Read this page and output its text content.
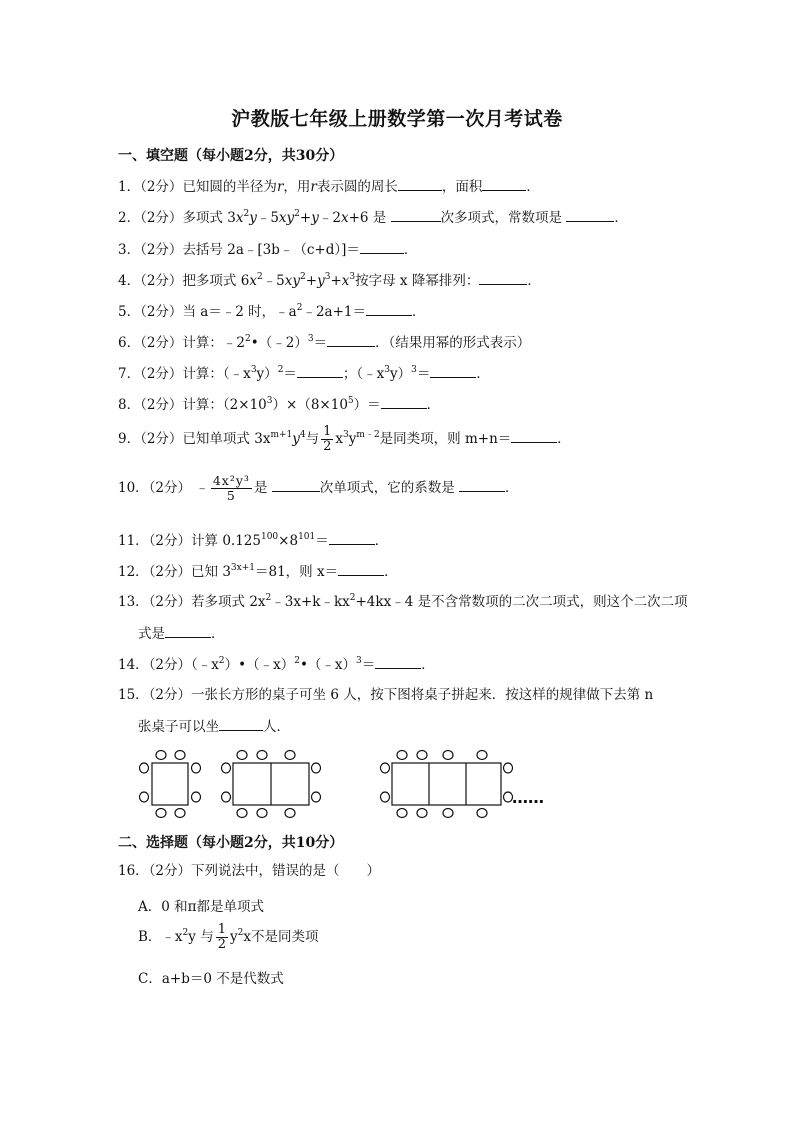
沪教版七年级上册数学第一次月考试卷
一、填空题（每小题2分，共30分）
1．（2分）已知圆的半径为r，用r表示圆的周长	，面积	．
2．（2分）多项式 $3x^2y﹣5xy^2+y﹣2x+6$ 是	次多项式，常数项是	．
3．（2分）去括号 2a﹣[3b﹣（c+d）]＝	．
4．（2分）把多项式 $6x^2﹣5xy^2+y^3+x^3$按字母 x 降幂排列：	．
5．（2分）当 a＝﹣2 时，$﹣a^2﹣2a+1=$	．
6．（2分）计算：$﹣2^2•(﹣2)^3=$	．（结果用幂的形式表示）
7．（2分）计算：$(﹣x^3y)^2=$	；$(﹣x^3y)^3=$	．
8．（2分）计算：$(2\times 10^3)\times(8\times 10^5)=$	．
9．（2分）已知单项式 $3x^{m+1}y^4$与 $\frac{1}{2} x^3y^{m﹣2}$是同类项，则 m+n＝	．
10．（2分） ﹣ $\frac{\text{4x²y³}}{5}$ 是	次单项式，它的系数是	．
11．（2分）计算 $0.125^{100}\times 8^{101}=$	．
12．（2分）已知 $3^{3x+1}=81$，则 x＝	．
13．（2分）若多项式 $2x^2﹣3x+k﹣kx^2+4kx﹣4$ 是不含常数项的二次二项式，则这个二次二项
式是	．
14．（2分）$(﹣x^2)•(﹣x)^2•(﹣x)^3=$	．
15．（2分）一张长方形的桌子可坐 6 人，按下图将桌子拼起来．按这样的规律做下去第 n
张桌子可以坐	人．
……
二、选择题（每小题2分，共10分）
16．（2分）下列说法中，错误的是（　　）
A．0 和π都是单项式
B．$﹣x^2y$ 与 $\frac{1}{2} y^2x$不是同类项
C．a+b＝0 不是代数式
